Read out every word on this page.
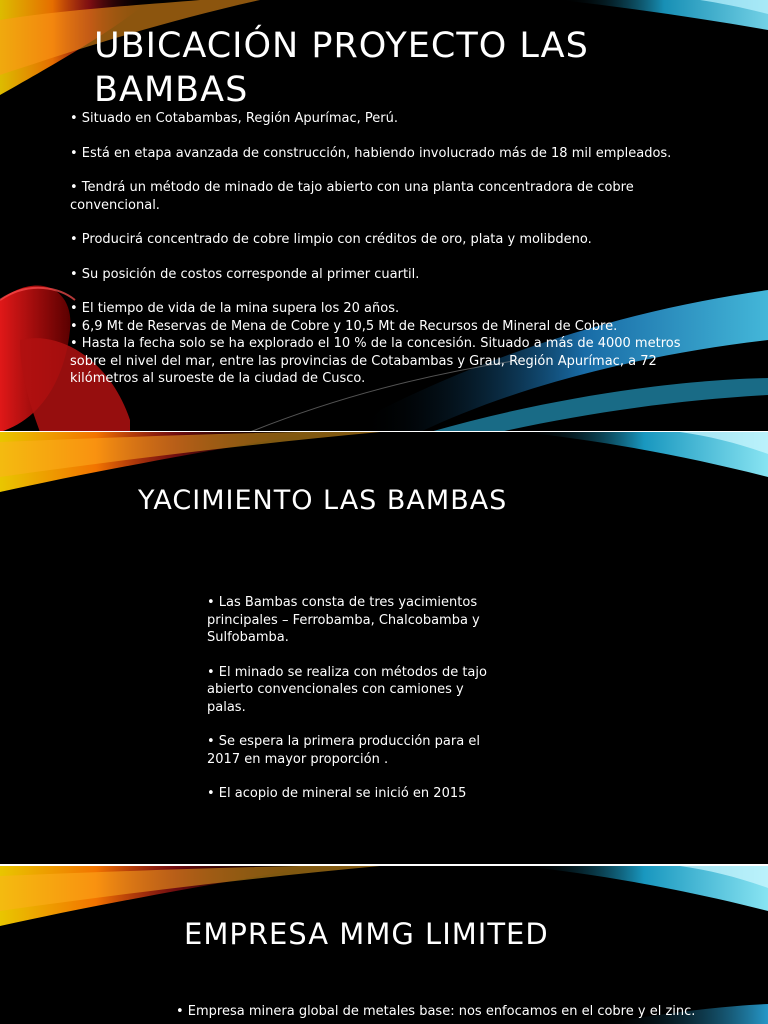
UBICACIÓN PROYECTO LAS BAMBAS

• Situado en Cotabambas, Región Apurímac, Perú.

• Está en etapa avanzada de construcción, habiendo involucrado más de 18 mil empleados.

• Tendrá un método de minado de tajo abierto con una planta concentradora de cobre convencional.

• Producirá concentrado de cobre limpio con créditos de oro, plata y molibdeno.

• Su posición de costos corresponde al primer cuartil.

• El tiempo de vida de la mina supera los 20 años.

• 6,9 Mt de Reservas de Mena de Cobre y 10,5 Mt de Recursos de Mineral de Cobre.

• Hasta la fecha solo se ha explorado el 10 % de la concesión. Situado a más de 4000 metros sobre el nivel del mar, entre las provincias de Cotabambas y Grau, Región Apurímac, a 72 kilómetros al suroeste de la ciudad de Cusco.

YACIMIENTO LAS BAMBAS

• Las Bambas consta de tres yacimientos principales – Ferrobamba, Chalcobamba y Sulfobamba.

• El minado se realiza con métodos de tajo abierto convencionales con camiones y palas.

• Se espera la primera producción para el 2017 en mayor proporción .

• El acopio de mineral se inició en 2015

EMPRESA MMG LIMITED

• Empresa minera global de metales base: nos enfocamos en el cobre y el zinc.
